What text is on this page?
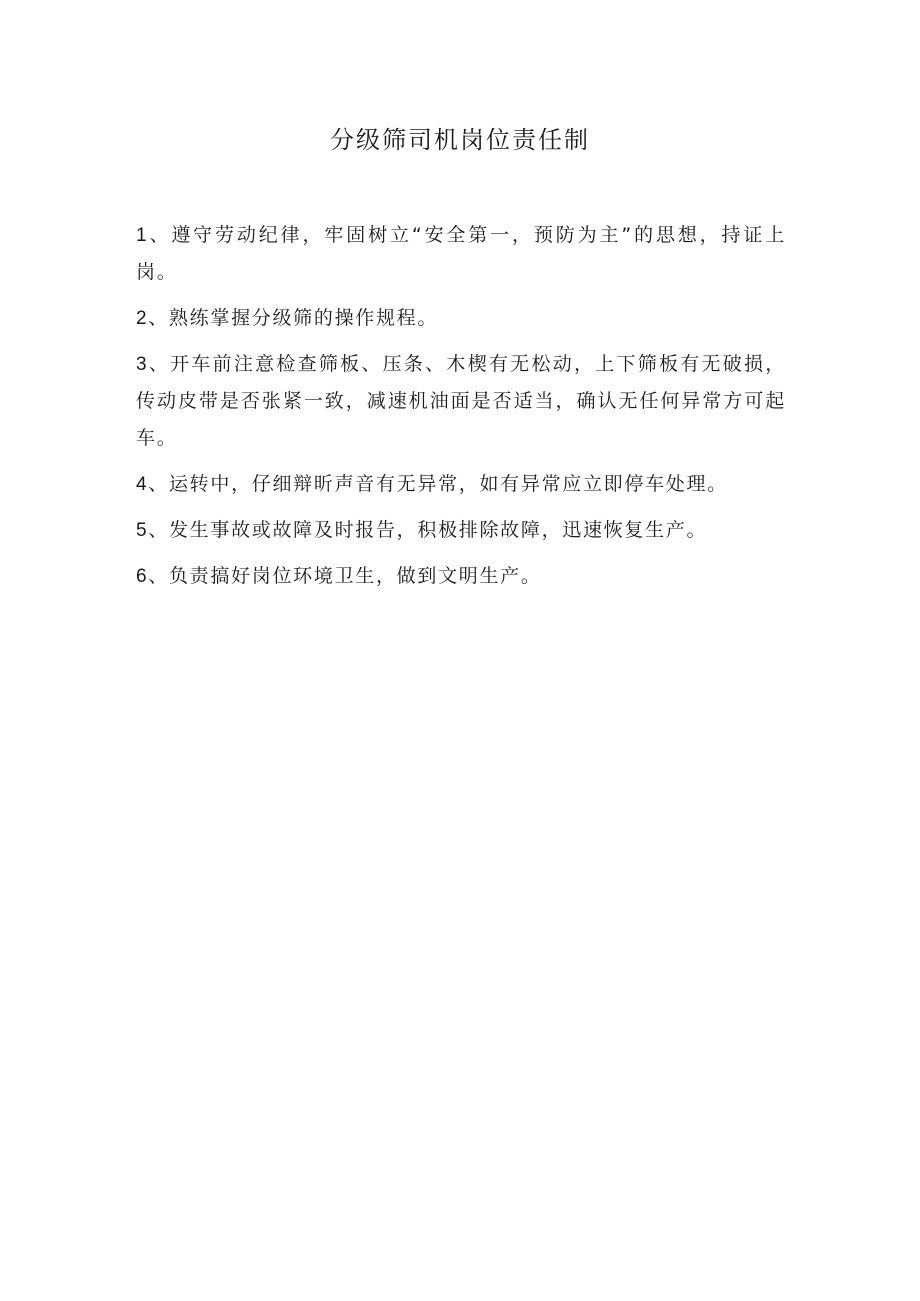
分级筛司机岗位责任制
1、遵守劳动纪律，牢固树立“安全第一，预防为主”的思想，持证上岗。
2、熟练掌握分级筛的操作规程。
3、开车前注意检查筛板、压条、木楔有无松动，上下筛板有无破损，传动皮带是否张紧一致，减速机油面是否适当，确认无任何异常方可起车。
4、运转中，仔细辩昕声音有无异常，如有异常应立即停车处理。
5、发生事故或故障及时报告，积极排除故障，迅速恢复生产。
6、负责搞好岗位环境卫生，做到文明生产。
